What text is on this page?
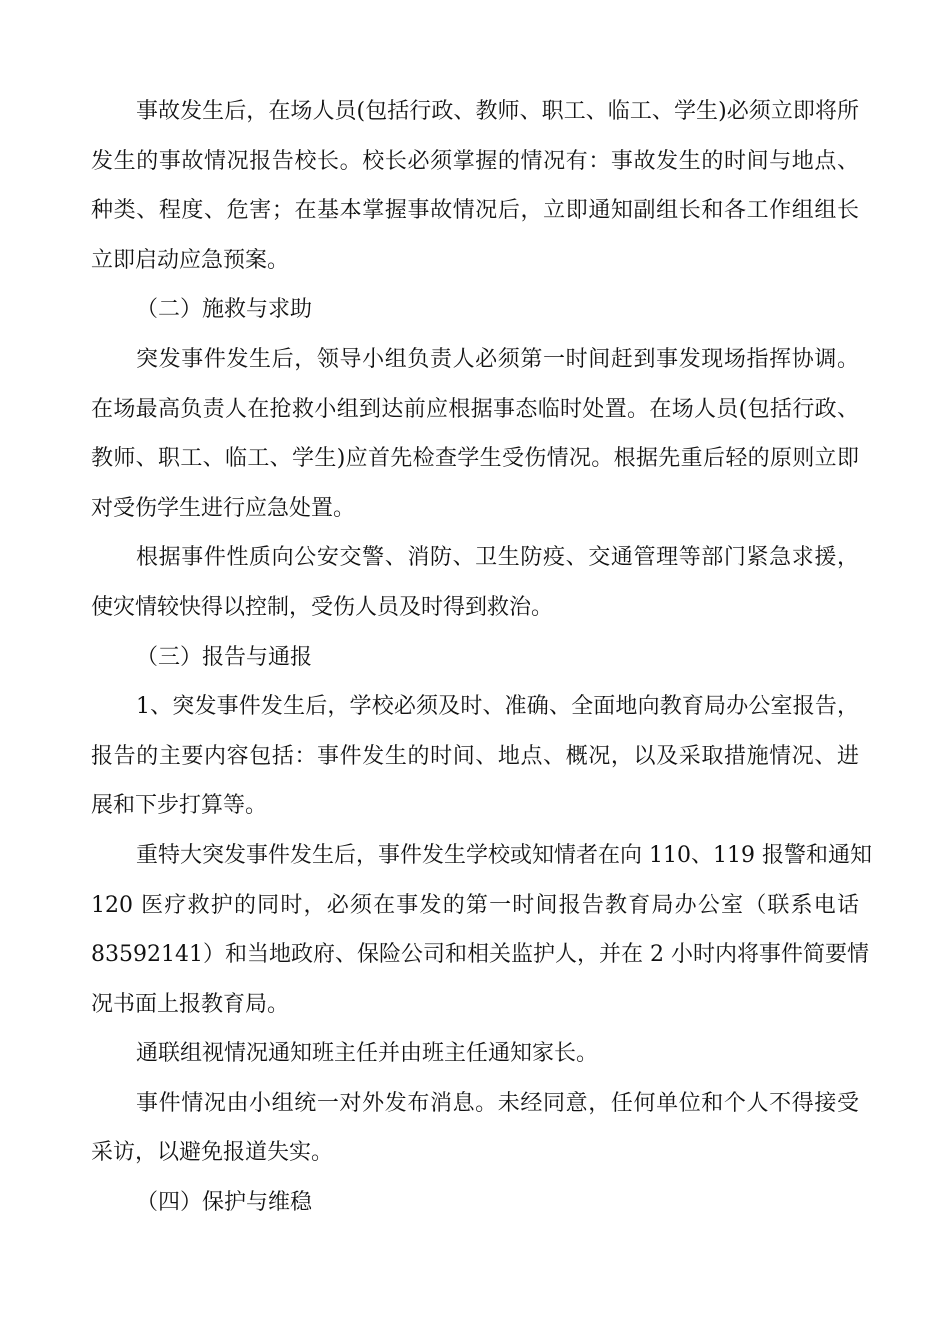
事故发生后，在场人员(包括行政、教师、职工、临工、学生)必须立即将所
发生的事故情况报告校长。校长必须掌握的情况有：事故发生的时间与地点、
种类、程度、危害；在基本掌握事故情况后，立即通知副组长和各工作组组长
立即启动应急预案。
（二）施救与求助
突发事件发生后，领导小组负责人必须第一时间赶到事发现场指挥协调。
在场最高负责人在抢救小组到达前应根据事态临时处置。在场人员(包括行政、
教师、职工、临工、学生)应首先检查学生受伤情况。根据先重后轻的原则立即
对受伤学生进行应急处置。
根据事件性质向公安交警、消防、卫生防疫、交通管理等部门紧急求援，
使灾情较快得以控制，受伤人员及时得到救治。
（三）报告与通报
1、突发事件发生后，学校必须及时、准确、全面地向教育局办公室报告，
报告的主要内容包括：事件发生的时间、地点、概况，以及采取措施情况、进
展和下步打算等。
重特大突发事件发生后，事件发生学校或知情者在向 110、119 报警和通知
120 医疗救护的同时，必须在事发的第一时间报告教育局办公室（联系电话
83592141）和当地政府、保险公司和相关监护人，并在 2 小时内将事件简要情
况书面上报教育局。
通联组视情况通知班主任并由班主任通知家长。
事件情况由小组统一对外发布消息。未经同意，任何单位和个人不得接受
采访，以避免报道失实。
（四）保护与维稳
